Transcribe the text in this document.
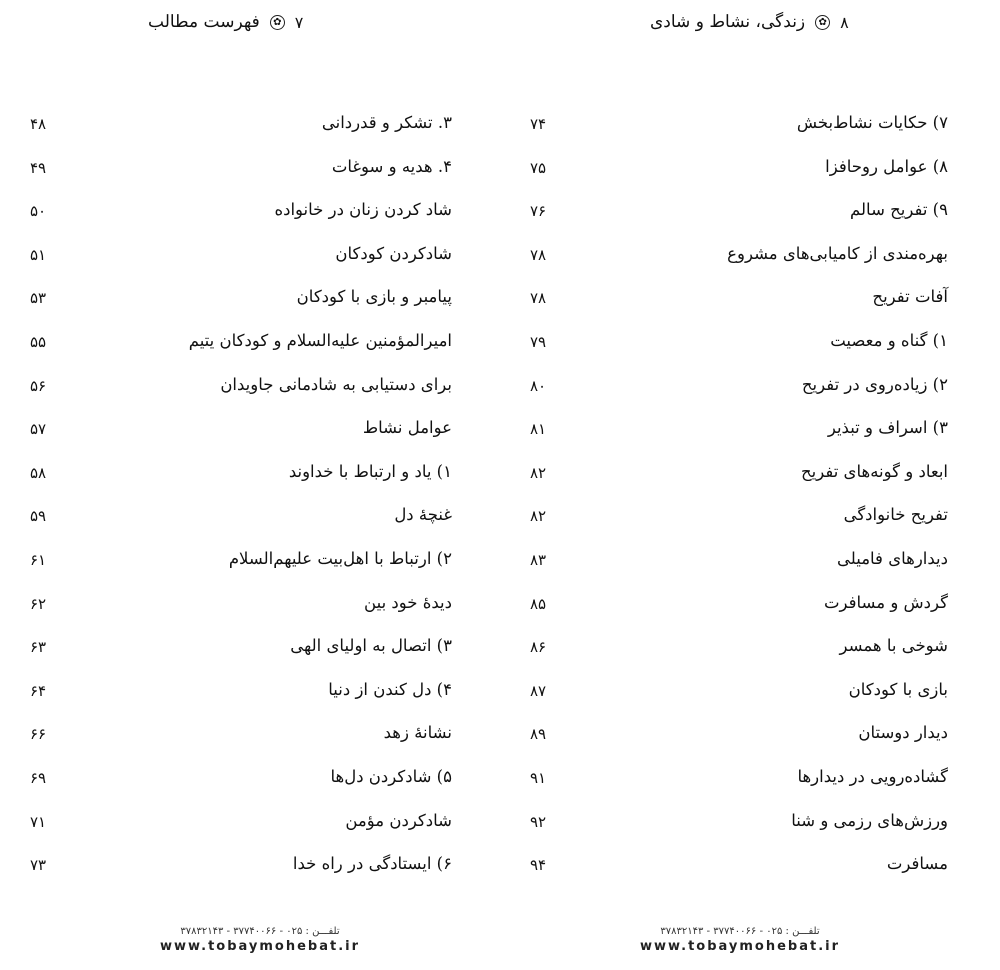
۷
✿
فهرست مطالب
۳. تشکر و قدردانی
۴۸
۴. هدیه و سوغات
۴۹
شاد کردن زنان در خانواده
۵۰
شادکردن کودکان
۵۱
پیامبر و بازی با کودکان
۵۳
امیرالمؤمنین علیه‌السلام و کودکان یتیم
۵۵
برای دستیابی به شادمانی جاویدان
۵۶
عوامل نشاط
۵۷
۱) یاد و ارتباط با خداوند
۵۸
غنچهٔ دل
۵۹
۲) ارتباط با اهل‌بیت علیهم‌السلام
۶۱
دیدهٔ خود بین
۶۲
۳) اتصال به اولیای الهی
۶۳
۴) دل کندن از دنیا
۶۴
نشانهٔ زهد
۶۶
۵) شادکردن دل‌ها
۶۹
شادکردن مؤمن
۷۱
۶) ایستادگی در راه خدا
۷۳
تلفـــن : ۰۲۵ - ۳۷۷۴۰۰۶۶ - ۳۷۸۳۲۱۴۳
www.tobaymohebat.ir
۸
✿
زندگی، نشاط و شادی
۷) حکایات نشاط‌بخش
۷۴
۸) عوامل روحافزا
۷۵
۹) تفریح سالم
۷۶
بهره‌مندی از کامیابی‌های مشروع
۷۸
آفات تفریح
۷۸
۱) گناه و معصیت
۷۹
۲) زیاده‌روی در تفریح
۸۰
۳) اسراف و تبذیر
۸۱
ابعاد و گونه‌های تفریح
۸۲
تفریح خانوادگی
۸۲
دیدارهای فامیلی
۸۳
گردش و مسافرت
۸۵
شوخی با همسر
۸۶
بازی با کودکان
۸۷
دیدار دوستان
۸۹
گشاده‌رویی در دیدارها
۹۱
ورزش‌های رزمی و شنا
۹۲
مسافرت
۹۴
تلفـــن : ۰۲۵ - ۳۷۷۴۰۰۶۶ - ۳۷۸۳۲۱۴۳
www.tobaymohebat.ir
